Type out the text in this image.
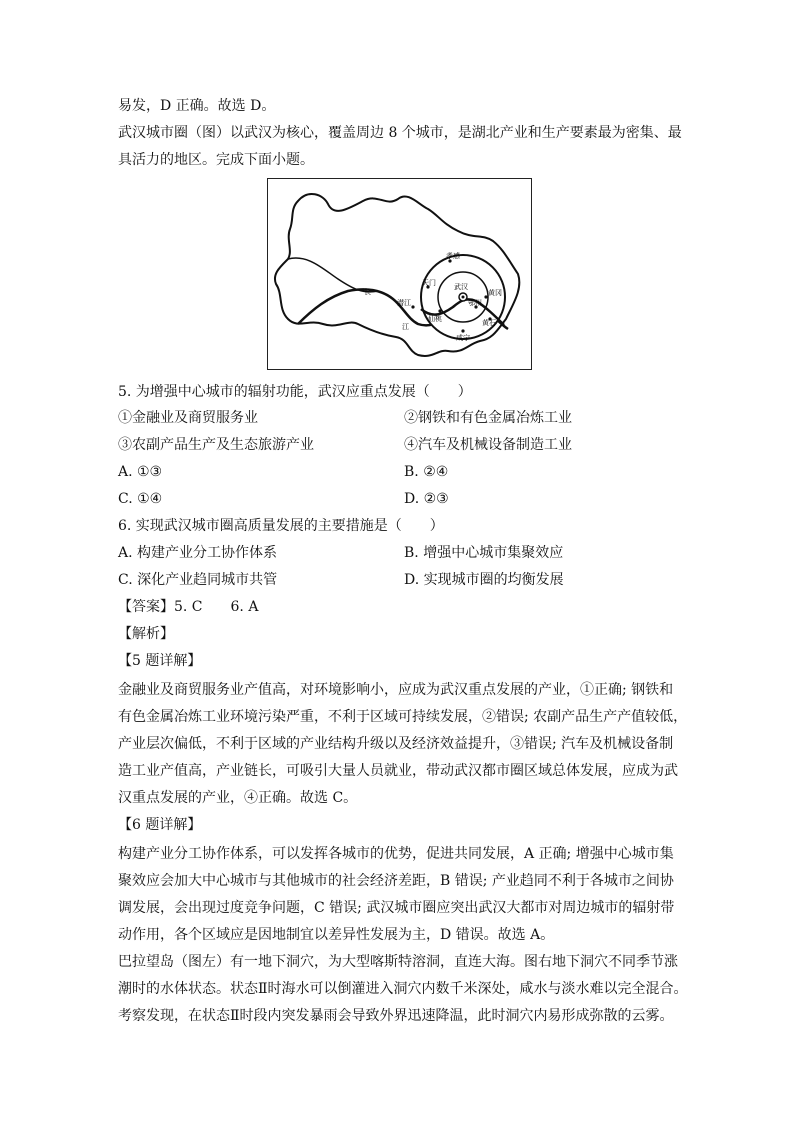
易发，D 正确。故选 D。
武汉城市圈（图）以武汉为核心，覆盖周边 8 个城市，是湖北产业和生产要素最为密集、最
具活力的地区。完成下面小题。
孝感
天门	武汉
黄冈
潜江	鄂州
仙桃	黄石
咸宁
长
江
5. 为增强中心城市的辐射功能，武汉应重点发展（　　）
①金融业及商贸服务业	②钢铁和有色金属冶炼工业
③农副产品生产及生态旅游产业	④汽车及机械设备制造工业
A. ①③	B. ②④
C. ①④	D. ②③
6. 实现武汉城市圈高质量发展的主要措施是（　　）
A. 构建产业分工协作体系	B. 增强中心城市集聚效应
C. 深化产业趋同城市共管	D. 实现城市圈的均衡发展
【答案】5. C　　6. A
【解析】
【5 题详解】
金融业及商贸服务业产值高，对环境影响小，应成为武汉重点发展的产业，①正确; 钢铁和
有色金属冶炼工业环境污染严重，不利于区域可持续发展，②错误; 农副产品生产产值较低，
产业层次偏低，不利于区域的产业结构升级以及经济效益提升，③错误; 汽车及机械设备制
造工业产值高，产业链长，可吸引大量人员就业，带动武汉都市圈区域总体发展，应成为武
汉重点发展的产业，④正确。故选 C。
【6 题详解】
构建产业分工协作体系，可以发挥各城市的优势，促进共同发展，A 正确; 增强中心城市集
聚效应会加大中心城市与其他城市的社会经济差距，B 错误; 产业趋同不利于各城市之间协
调发展，会出现过度竞争问题，C 错误; 武汉城市圈应突出武汉大都市对周边城市的辐射带
动作用，各个区域应是因地制宜以差异性发展为主，D 错误。故选 A。
巴拉望岛（图左）有一地下洞穴，为大型喀斯特溶洞，直连大海。图右地下洞穴不同季节涨
潮时的水体状态。状态Ⅱ时海水可以倒灌进入洞穴内数千米深处，咸水与淡水难以完全混合。
考察发现，在状态Ⅱ时段内突发暴雨会导致外界迅速降温，此时洞穴内易形成弥散的云雾。
